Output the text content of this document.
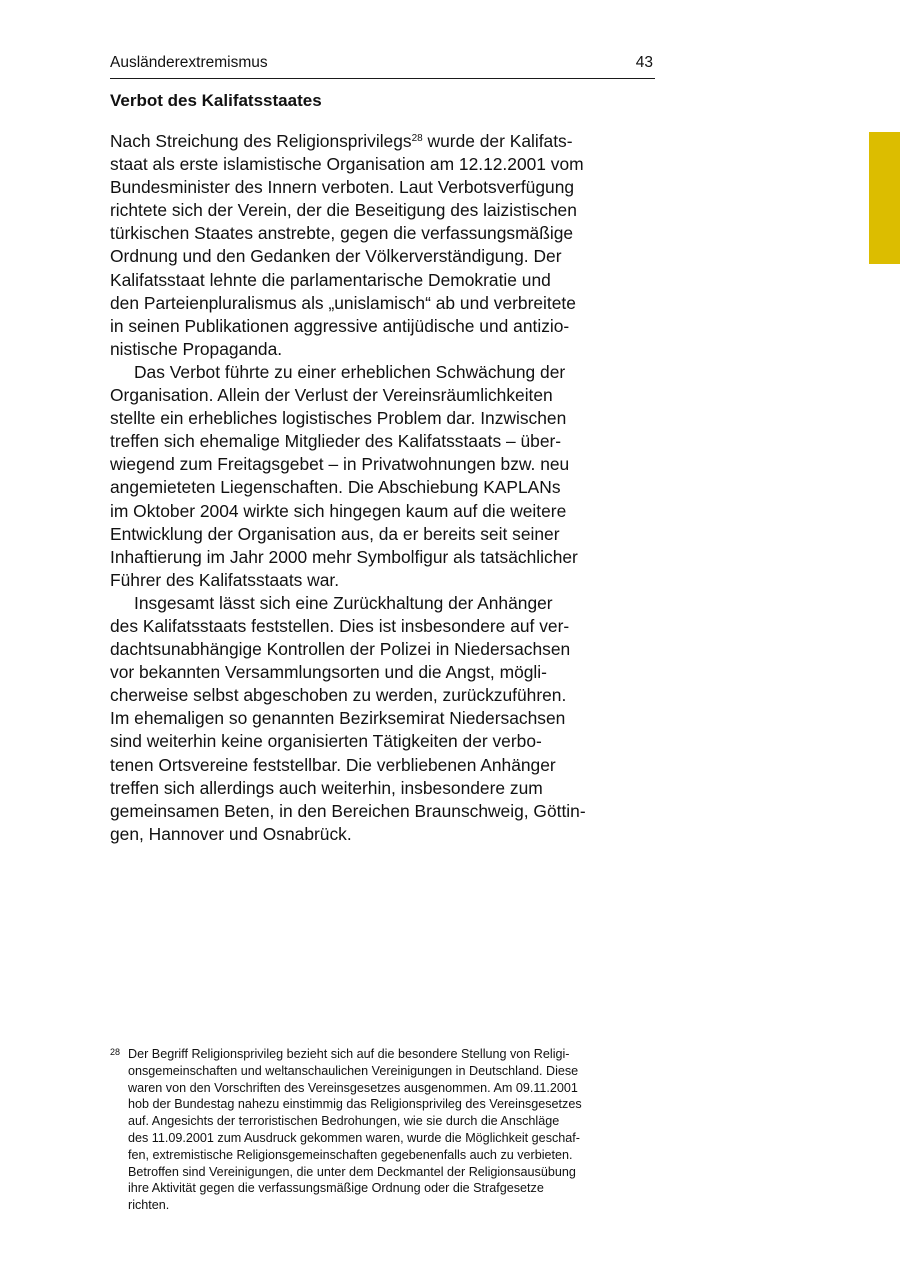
Ausländerextremismus	43
Verbot des Kalifatsstaates
Nach Streichung des Religionsprivilegs$^{28}$ wurde der Kalifats-
staat als erste islamistische Organisation am 12.12.2001 vom
Bundesminister des Innern verboten. Laut Verbotsverfügung
richtete sich der Verein, der die Beseitigung des laizistischen
türkischen Staates anstrebte, gegen die verfassungsmäßige
Ordnung und den Gedanken der Völkerverständigung. Der
Kalifatsstaat lehnte die parlamentarische Demokratie und
den Parteienpluralismus als „unislamisch“ ab und verbreitete
in seinen Publikationen aggressive antijüdische und antizio-
nistische Propaganda.
Das Verbot führte zu einer erheblichen Schwächung der
Organisation. Allein der Verlust der Vereinsräumlichkeiten
stellte ein erhebliches logistisches Problem dar. Inzwischen
treffen sich ehemalige Mitglieder des Kalifatsstaats – über-
wiegend zum Freitagsgebet – in Privatwohnungen bzw. neu
angemieteten Liegenschaften. Die Abschiebung KAPLANs
im Oktober 2004 wirkte sich hingegen kaum auf die weitere
Entwicklung der Organisation aus, da er bereits seit seiner
Inhaftierung im Jahr 2000 mehr Symbolfigur als tatsächlicher
Führer des Kalifatsstaats war.
Insgesamt lässt sich eine Zurückhaltung der Anhänger
des Kalifatsstaats feststellen. Dies ist insbesondere auf ver-
dachtsunabhängige Kontrollen der Polizei in Niedersachsen
vor bekannten Versammlungsorten und die Angst, mögli-
cherweise selbst abgeschoben zu werden, zurückzuführen.
Im ehemaligen so genannten Bezirksemirat Niedersachsen
sind weiterhin keine organisierten Tätigkeiten der verbo-
tenen Ortsvereine feststellbar. Die verbliebenen Anhänger
treffen sich allerdings auch weiterhin, insbesondere zum
gemeinsamen Beten, in den Bereichen Braunschweig, Göttin-
gen, Hannover und Osnabrück.
28 Der Begriff Religionsprivileg bezieht sich auf die besondere Stellung von Religi-
onsgemeinschaften und weltanschaulichen Vereinigungen in Deutschland. Diese
waren von den Vorschriften des Vereinsgesetzes ausgenommen. Am 09.11.2001
hob der Bundestag nahezu einstimmig das Religionsprivileg des Vereinsgesetzes
auf. Angesichts der terroristischen Bedrohungen, wie sie durch die Anschläge
des 11.09.2001 zum Ausdruck gekommen waren, wurde die Möglichkeit geschaf-
fen, extremistische Religionsgemeinschaften gegebenenfalls auch zu verbieten.
Betroffen sind Vereinigungen, die unter dem Deckmantel der Religionsausübung
ihre Aktivität gegen die verfassungsmäßige Ordnung oder die Strafgesetze
richten.
